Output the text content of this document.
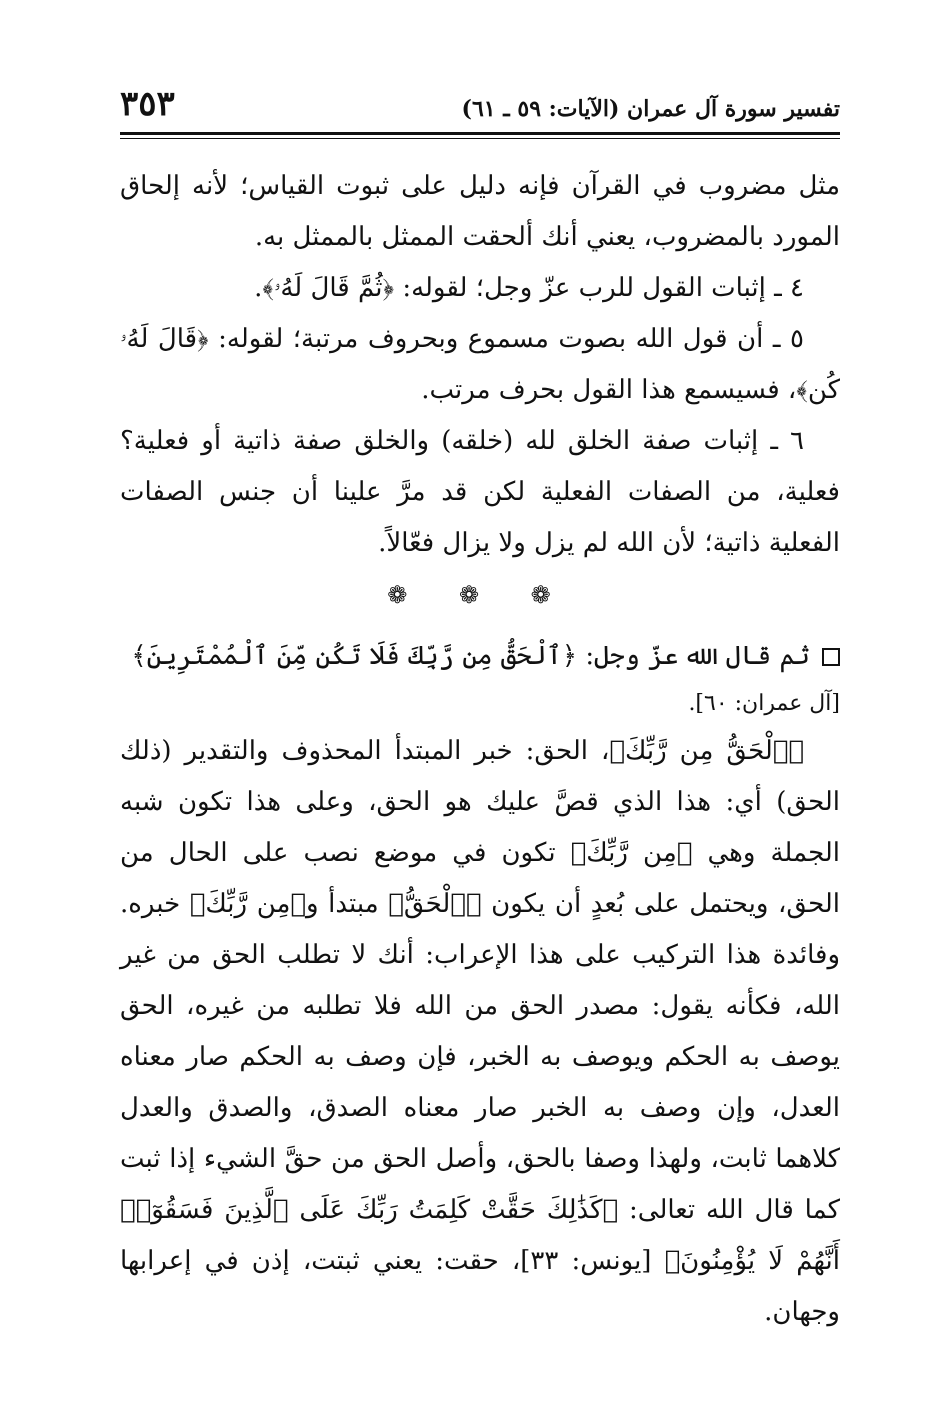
تفسير سورة آل عمران (الآيات: ٥٩ ـ ٦١)
٣٥٣

مثل مضروب في القرآن فإنه دليل على ثبوت القياس؛ لأنه إلحاق المورد بالمضروب، يعني أنك ألحقت الممثل بالممثل به.

٤ ـ إثبات القول للرب عزّ وجل؛ لقوله: ﴿ثُمَّ قَالَ لَهُۥ﴾.

٥ ـ أن قول الله بصوت مسموع وبحروف مرتبة؛ لقوله: ﴿قَالَ لَهُۥ كُن﴾، فسيسمع هذا القول بحرف مرتب.

٦ ـ إثبات صفة الخلق لله (خلقه) والخلق صفة ذاتية أو فعلية؟ فعلية، من الصفات الفعلية لكن قد مرَّ علينا أن جنس الصفات الفعلية ذاتية؛ لأن الله لم يزل ولا يزال فعّالاً.

❁ ❁ ❁
ثم قال الله عزّ وجل: ﴿ٱلْحَقُّ مِن رَّبِّكَ فَلَا تَكُن مِّنَ ٱلْمُمْتَرِينَ﴾
[آل عمران: ٦٠].

﴿ٱلْحَقُّ مِن رَّبِّكَ﴾، الحق: خبر المبتدأ المحذوف والتقدير (ذلك الحق) أي: هذا الذي قصَّ عليك هو الحق، وعلى هذا تكون شبه الجملة وهي ﴿مِن رَّبِّكَ﴾ تكون في موضع نصب على الحال من الحق، ويحتمل على بُعدٍ أن يكون ﴿ٱلْحَقُّ﴾ مبتدأ و﴿مِن رَّبِّكَ﴾ خبره. وفائدة هذا التركيب على هذا الإعراب: أنك لا تطلب الحق من غير الله، فكأنه يقول: مصدر الحق من الله فلا تطلبه من غيره، الحق يوصف به الحكم ويوصف به الخبر، فإن وصف به الحكم صار معناه العدل، وإن وصف به الخبر صار معناه الصدق، والصدق والعدل كلاهما ثابت، ولهذا وصفا بالحق، وأصل الحق من حقَّ الشيء إذا ثبت كما قال الله تعالى: ﴿كَذَٰلِكَ حَقَّتْ كَلِمَتُ رَبِّكَ عَلَى ٱلَّذِينَ فَسَقُوٓا۟ أَنَّهُمْ لَا يُؤْمِنُونَ﴾ [يونس: ٣٣]، حقت: يعني ثبتت، إذن في إعرابها وجهان.
